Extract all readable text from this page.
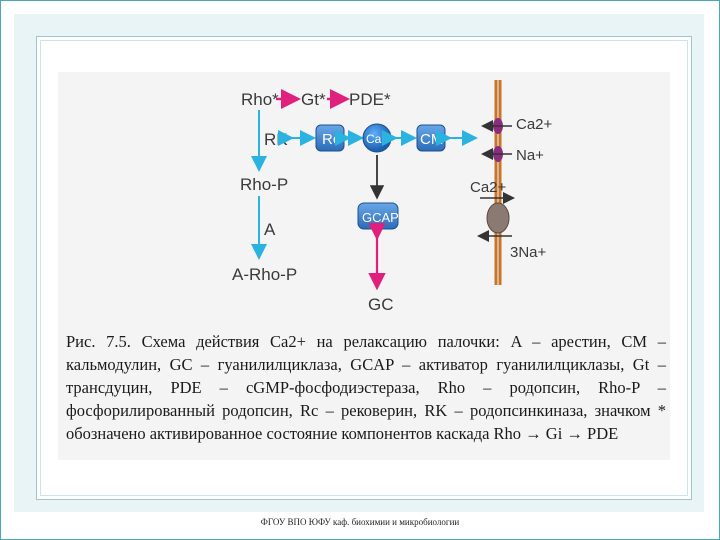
Rho* Gt* PDE*
RK
Rho-P
A
A-Rho-P
Rc Ca2+ CM
GCAP
GC
Ca2+
Na+
Ca2+
3Na+
Рис. 7.5. Схема действия Ca2+ на релаксацию палочки: A – арестин, CM – кальмодулин, GC – гуанилилциклаза, GCAP – активатор гуанилилциклазы, Gt – трансдуцин, PDE – cGMP-фосфодиэстераза, Rho – родопсин, Rho-P – фосфорилированный родопсин, Rc – рековерин, RK – родопсинкиназа, значком * обозначено активированное состояние компонентов каскада Rho → Gi → PDE
ФГОУ ВПО ЮФУ каф. биохимии и микробиологии
